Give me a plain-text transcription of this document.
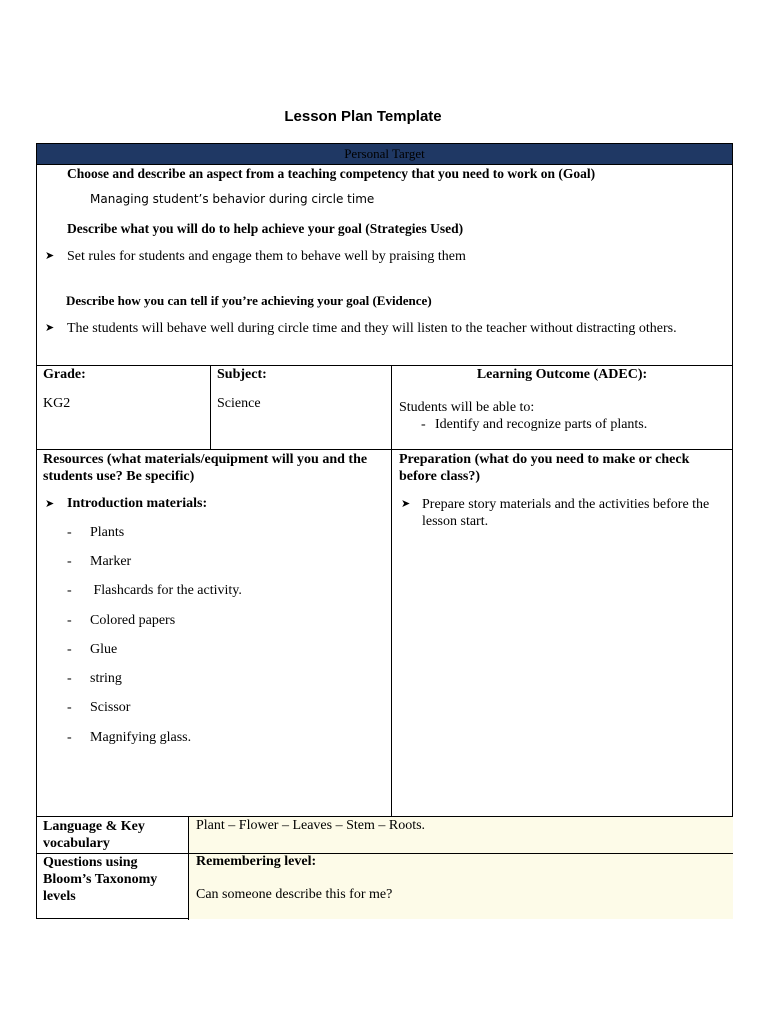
Lesson Plan Template
Personal Target
Choose and describe an aspect from a teaching competency that you need to work on (Goal)
Managing student’s behavior during circle time
Describe what you will do to help achieve your goal (Strategies Used)
➤ Set rules for students and engage them to behave well by praising them
Describe how you can tell if you’re achieving your goal (Evidence)
➤ The students will behave well during circle time and they will listen to the teacher without distracting others.
Grade:
KG2
Subject:
Science
Learning Outcome (ADEC):
Students will be able to:
- Identify and recognize parts of plants.
Resources (what materials/equipment will you and the students use? Be specific)
➤ Introduction materials:
- Plants
- Marker
- Flashcards for the activity.
- Colored papers
- Glue
- string
- Scissor
- Magnifying glass.
Preparation (what do you need to make or check before class?)
➤ Prepare story materials and the activities before the lesson start.
Language & Key vocabulary
Plant – Flower – Leaves – Stem – Roots.
Questions using Bloom’s Taxonomy levels
Remembering level:
Can someone describe this for me?
